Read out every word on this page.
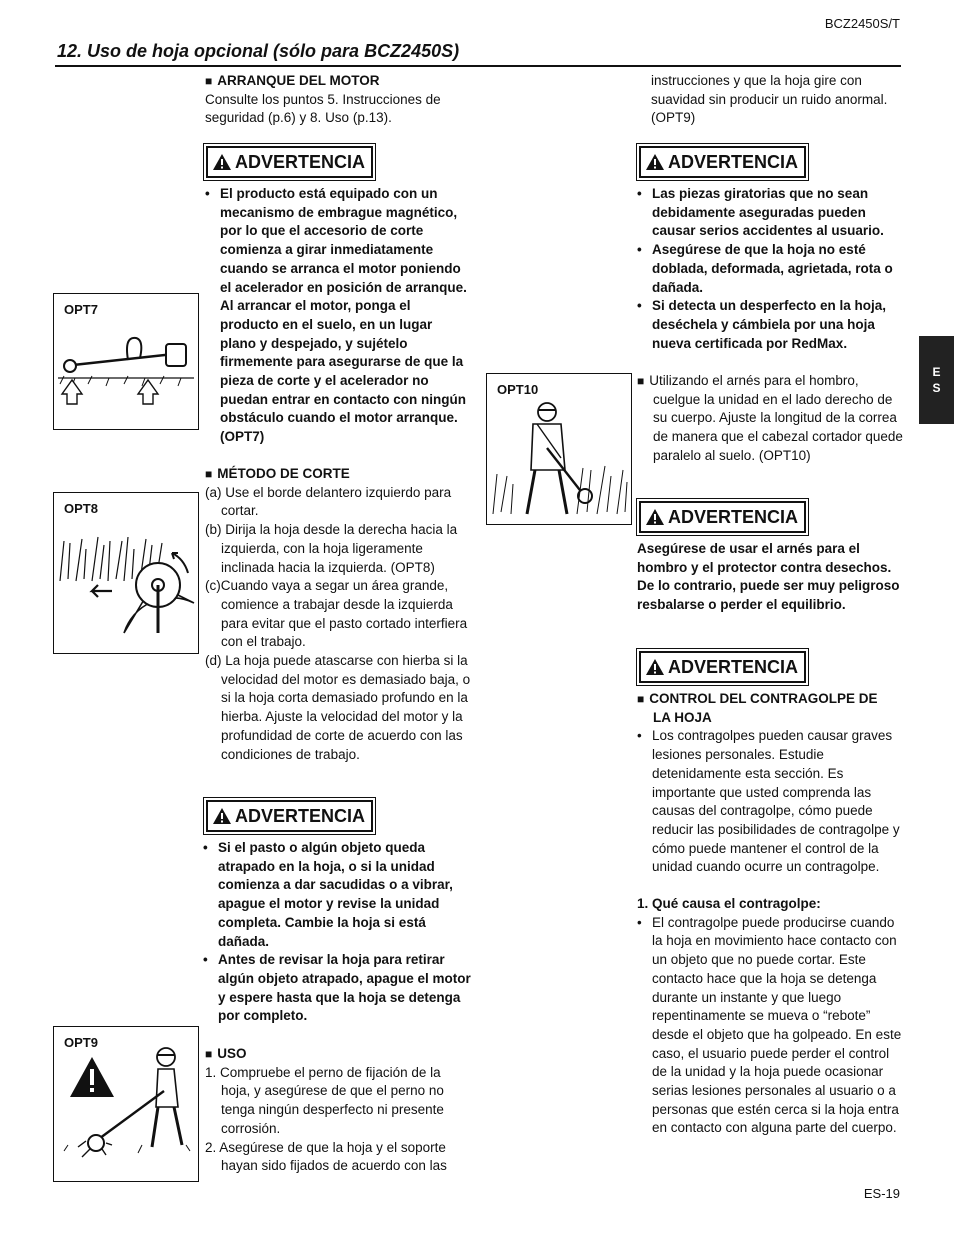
BCZ2450S/T
12. Uso de hoja opcional (sólo para BCZ2450S)
E
S
OPT7
OPT8
OPT9
OPT10

■ ARRANQUE DEL MOTOR

Consulte los puntos 5. Instrucciones de seguridad (p.6) y 8. Uso (p.13).

ADVERTENCIA

• El producto está equipado con un mecanismo de embrague magnético, por lo que el accesorio de corte comienza a girar inmediatamente cuando se arranca el motor poniendo el acelerador en posición de arranque. Al arrancar el motor, ponga el producto en el suelo, en un lugar plano y despejado, y sujételo firmemente para asegurarse de que la pieza de corte y el acelerador no puedan entrar en contacto con ningún obstáculo cuando el motor arranque. (OPT7)

■ MÉTODO DE CORTE

(a) Use el borde delantero izquierdo para cortar.

(b) Dirija la hoja desde la derecha hacia la izquierda, con la hoja ligeramente inclinada hacia la izquierda. (OPT8)

(c)Cuando vaya a segar un área grande, comience a trabajar desde la izquierda para evitar que el pasto cortado interfiera con el trabajo.

(d) La hoja puede atascarse con hierba si la velocidad del motor es demasiado baja, o si la hoja corta demasiado profundo en la hierba. Ajuste la velocidad del motor y la profundidad de corte de acuerdo con las condiciones de trabajo.

ADVERTENCIA

• Si el pasto o algún objeto queda atrapado en la hoja, o si la unidad comienza a dar sacudidas o a vibrar, apague el motor y revise la unidad completa. Cambie la hoja si está dañada.

• Antes de revisar la hoja para retirar algún objeto atrapado, apague el motor y espere hasta que la hoja se detenga por completo.

■ USO

1. Compruebe el perno de fijación de la hoja, y asegúrese de que el perno no tenga ningún desperfecto ni presente corrosión.

2. Asegúrese de que la hoja y el soporte hayan sido fijados de acuerdo con las

instrucciones y que la hoja gire con suavidad sin producir un ruido anormal. (OPT9)

ADVERTENCIA

• Las piezas giratorias que no sean debidamente aseguradas pueden causar serios accidentes al usuario.

• Asegúrese de que la hoja no esté doblada, deformada, agrietada, rota o dañada.

• Si detecta un desperfecto en la hoja, deséchela y cámbiela por una hoja nueva certificada por RedMax.

■ Utilizando el arnés para el hombro, cuelgue la unidad en el lado derecho de su cuerpo. Ajuste la longitud de la correa de manera que el cabezal cortador quede paralelo al suelo. (OPT10)

ADVERTENCIA

Asegúrese de usar el arnés para el hombro y el protector contra desechos. De lo contrario, puede ser muy peligroso resbalarse o perder el equilibrio.

ADVERTENCIA

■ CONTROL DEL CONTRAGOLPE DE

LA HOJA

• Los contragolpes pueden causar graves lesiones personales. Estudie detenidamente esta sección. Es importante que usted comprenda las causas del contragolpe, cómo puede reducir las posibilidades de contragolpe y cómo puede mantener el control de la unidad cuando ocurre un contragolpe.

1. Qué causa el contragolpe:

• El contragolpe puede producirse cuando la hoja en movimiento hace contacto con un objeto que no puede cortar. Este contacto hace que la hoja se detenga durante un instante y que luego repentinamente se mueva o “rebote” desde el objeto que ha golpeado. En este caso, el usuario puede perder el control de la unidad y la hoja puede ocasionar serias lesiones personales al usuario o a personas que estén cerca si la hoja entra en contacto con alguna parte del cuerpo.

ES-19
